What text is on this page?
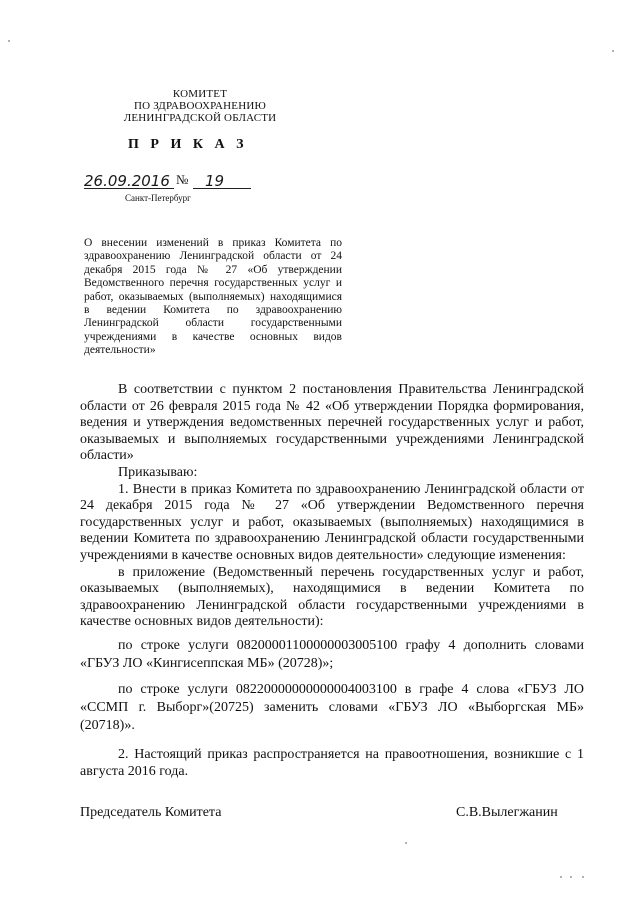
КОМИТЕТ
ПО ЗДРАВООХРАНЕНИЮ
ЛЕНИНГРАДСКОЙ ОБЛАСТИ
П Р И К А З
26.09.2016 №	19
Санкт-Петербург
О внесении изменений в приказ Комитета по здравоохранению Ленинградской области от 24 декабря 2015 года № 27 «Об утверждении Ведомственного перечня государственных услуг и работ, оказываемых (выполняемых) находящимися в ведении Комитета по здравоохранению Ленинградской области государственными учреждениями в качестве основных видов деятельности»

В соответствии с пунктом 2 постановления Правительства Ленинградской области от 26 февраля 2015 года № 42 «Об утверждении Порядка формирования, ведения и утверждения ведомственных перечней государственных услуг и работ, оказываемых и выполняемых государственными учреждениями Ленинградской области»

Приказываю:

1. Внести в приказ Комитета по здравоохранению Ленинградской области от 24 декабря 2015 года № 27 «Об утверждении Ведомственного перечня государственных услуг и работ, оказываемых (выполняемых) находящимися в ведении Комитета по здравоохранению Ленинградской области государственными учреждениями в качестве основных видов деятельности» следующие изменения:

в приложение (Ведомственный перечень государственных услуг и работ, оказываемых (выполняемых), находящимися в ведении Комитета по здравоохранению Ленинградской области государственными учреждениями в качестве основных видов деятельности):

по строке услуги 08200001100000003005100 графу 4 дополнить словами «ГБУЗ ЛО «Кингисеппская МБ» (20728)»;

по строке услуги 08220000000000004003100 в графе 4 слова «ГБУЗ ЛО «ССМП г. Выборг»(20725) заменить словами «ГБУЗ ЛО «Выборгская МБ» (20718)».

2. Настоящий приказ распространяется на правоотношения, возникшие с 1 августа 2016 года.

Председатель Комитета	С.В.Вылегжанин
